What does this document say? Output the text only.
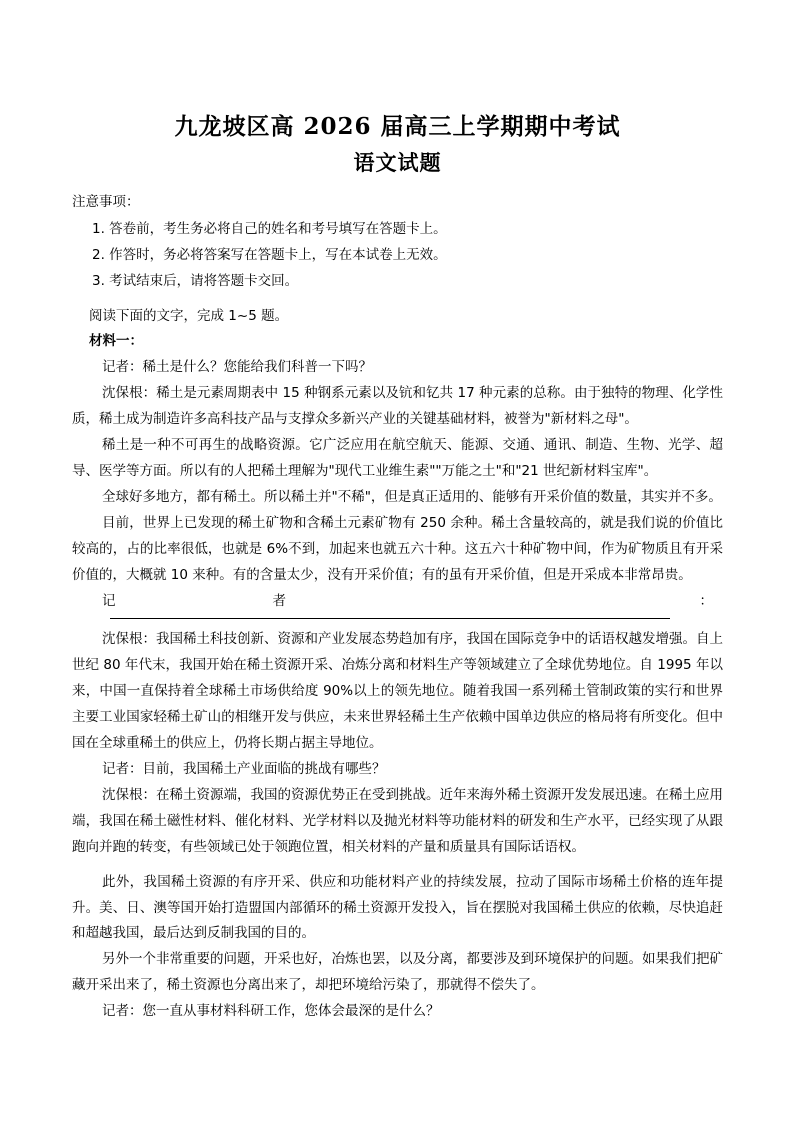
九龙坡区高 2026 届高三上学期期中考试
语文试题

注意事项：

1. 答卷前，考生务必将自己的姓名和考号填写在答题卡上。

2. 作答时，务必将答案写在答题卡上，写在本试卷上无效。

3. 考试结束后，请将答题卡交回。

阅读下面的文字，完成 1~5 题。

材料一：

记者：稀土是什么？您能给我们科普一下吗？

沈保根：稀土是元素周期表中 15 种钢系元素以及钪和钇共 17 种元素的总称。由于独特的物理、化学性质，稀土成为制造许多高科技产品与支撑众多新兴产业的关键基础材料，被誉为"新材料之母"。

稀土是一种不可再生的战略资源。它广泛应用在航空航天、能源、交通、通讯、制造、生物、光学、超导、医学等方面。所以有的人把稀土理解为"现代工业维生素""万能之土"和"21 世纪新材料宝库"。

全球好多地方，都有稀土。所以稀土并"不稀"，但是真正适用的、能够有开采价值的数量，其实并不多。

目前，世界上已发现的稀土矿物和含稀土元素矿物有 250 余种。稀土含量较高的，就是我们说的价值比较高的，占的比率很低，也就是 6%不到，加起来也就五六十种。这五六十种矿物中间，作为矿物质且有开采价值的，大概就 10 来种。有的含量太少，没有开采价值；有的虽有开采价值，但是开采成本非常昂贵。

记	者	：

沈保根：我国稀土科技创新、资源和产业发展态势趋加有序，我国在国际竞争中的话语权越发增强。自上世纪 80 年代末，我国开始在稀土资源开采、冶炼分离和材料生产等领域建立了全球优势地位。自 1995 年以来，中国一直保持着全球稀土市场供给度 90%以上的领先地位。随着我国一系列稀土管制政策的实行和世界主要工业国家轻稀土矿山的相继开发与供应，未来世界轻稀土生产依赖中国单边供应的格局将有所变化。但中国在全球重稀土的供应上，仍将长期占据主导地位。

记者：目前，我国稀土产业面临的挑战有哪些？

沈保根：在稀土资源端，我国的资源优势正在受到挑战。近年来海外稀土资源开发发展迅速。在稀土应用端，我国在稀土磁性材料、催化材料、光学材料以及抛光材料等功能材料的研发和生产水平，已经实现了从跟跑向并跑的转变，有些领域已处于领跑位置，相关材料的产量和质量具有国际话语权。

此外，我国稀土资源的有序开采、供应和功能材料产业的持续发展，拉动了国际市场稀土价格的连年提升。美、日、澳等国开始打造盟国内部循环的稀土资源开发投入，旨在摆脱对我国稀土供应的依赖，尽快追赶和超越我国，最后达到反制我国的目的。

另外一个非常重要的问题，开采也好，冶炼也罢，以及分离，都要涉及到环境保护的问题。如果我们把矿藏开采出来了，稀土资源也分离出来了，却把环境给污染了，那就得不偿失了。

记者：您一直从事材料科研工作，您体会最深的是什么？
